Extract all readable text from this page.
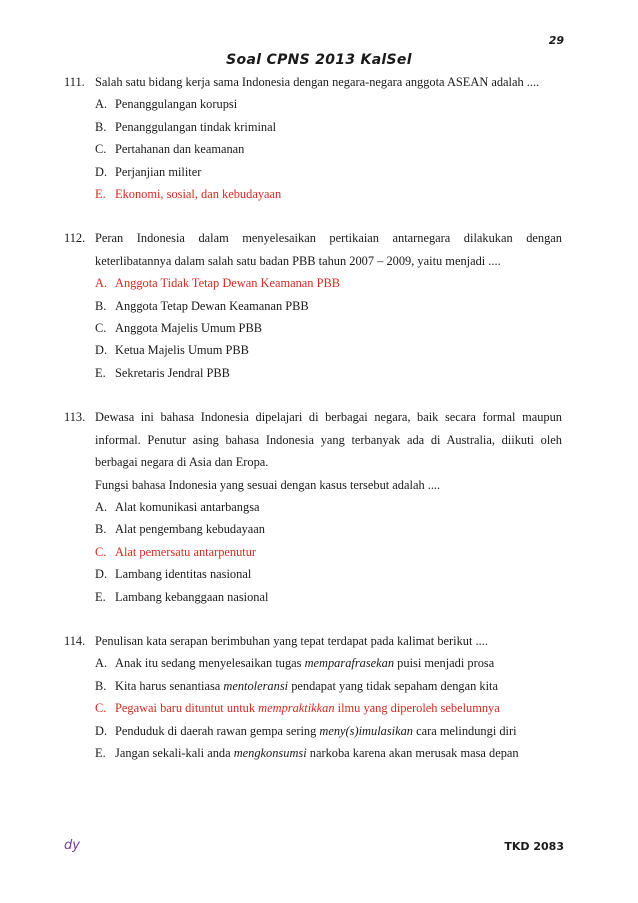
29
Soal CPNS 2013 KalSel
111. Salah satu bidang kerja sama Indonesia dengan negara-negara anggota ASEAN adalah ....
A. Penanggulangan korupsi
B. Penanggulangan tindak kriminal
C. Pertahanan dan keamanan
D. Perjanjian militer
E. Ekonomi, sosial, dan kebudayaan
112. Peran Indonesia dalam menyelesaikan pertikaian antarnegara dilakukan dengan keterlibatannya dalam salah satu badan PBB tahun 2007 – 2009, yaitu menjadi ....
A. Anggota Tidak Tetap Dewan Keamanan PBB
B. Anggota Tetap Dewan Keamanan PBB
C. Anggota Majelis Umum PBB
D. Ketua Majelis Umum PBB
E. Sekretaris Jendral PBB
113. Dewasa ini bahasa Indonesia dipelajari di berbagai negara, baik secara formal maupun informal. Penutur asing bahasa Indonesia yang terbanyak ada di Australia, diikuti oleh berbagai negara di Asia dan Eropa.
Fungsi bahasa Indonesia yang sesuai dengan kasus tersebut adalah ....
A. Alat komunikasi antarbangsa
B. Alat pengembang kebudayaan
C. Alat pemersatu antarpenutur
D. Lambang identitas nasional
E. Lambang kebanggaan nasional
114. Penulisan kata serapan berimbuhan yang tepat terdapat pada kalimat berikut ....
A. Anak itu sedang menyelesaikan tugas memparafrasekan puisi menjadi prosa
B. Kita harus senantiasa mentoleransi pendapat yang tidak sepaham dengan kita
C. Pegawai baru dituntut untuk mempraktikkan ilmu yang diperoleh sebelumnya
D. Penduduk di daerah rawan gempa sering meny(s)imulasikan cara melindungi diri
E. Jangan sekali-kali anda mengkonsumsi narkoba karena akan merusak masa depan
dy	TKD 2083
